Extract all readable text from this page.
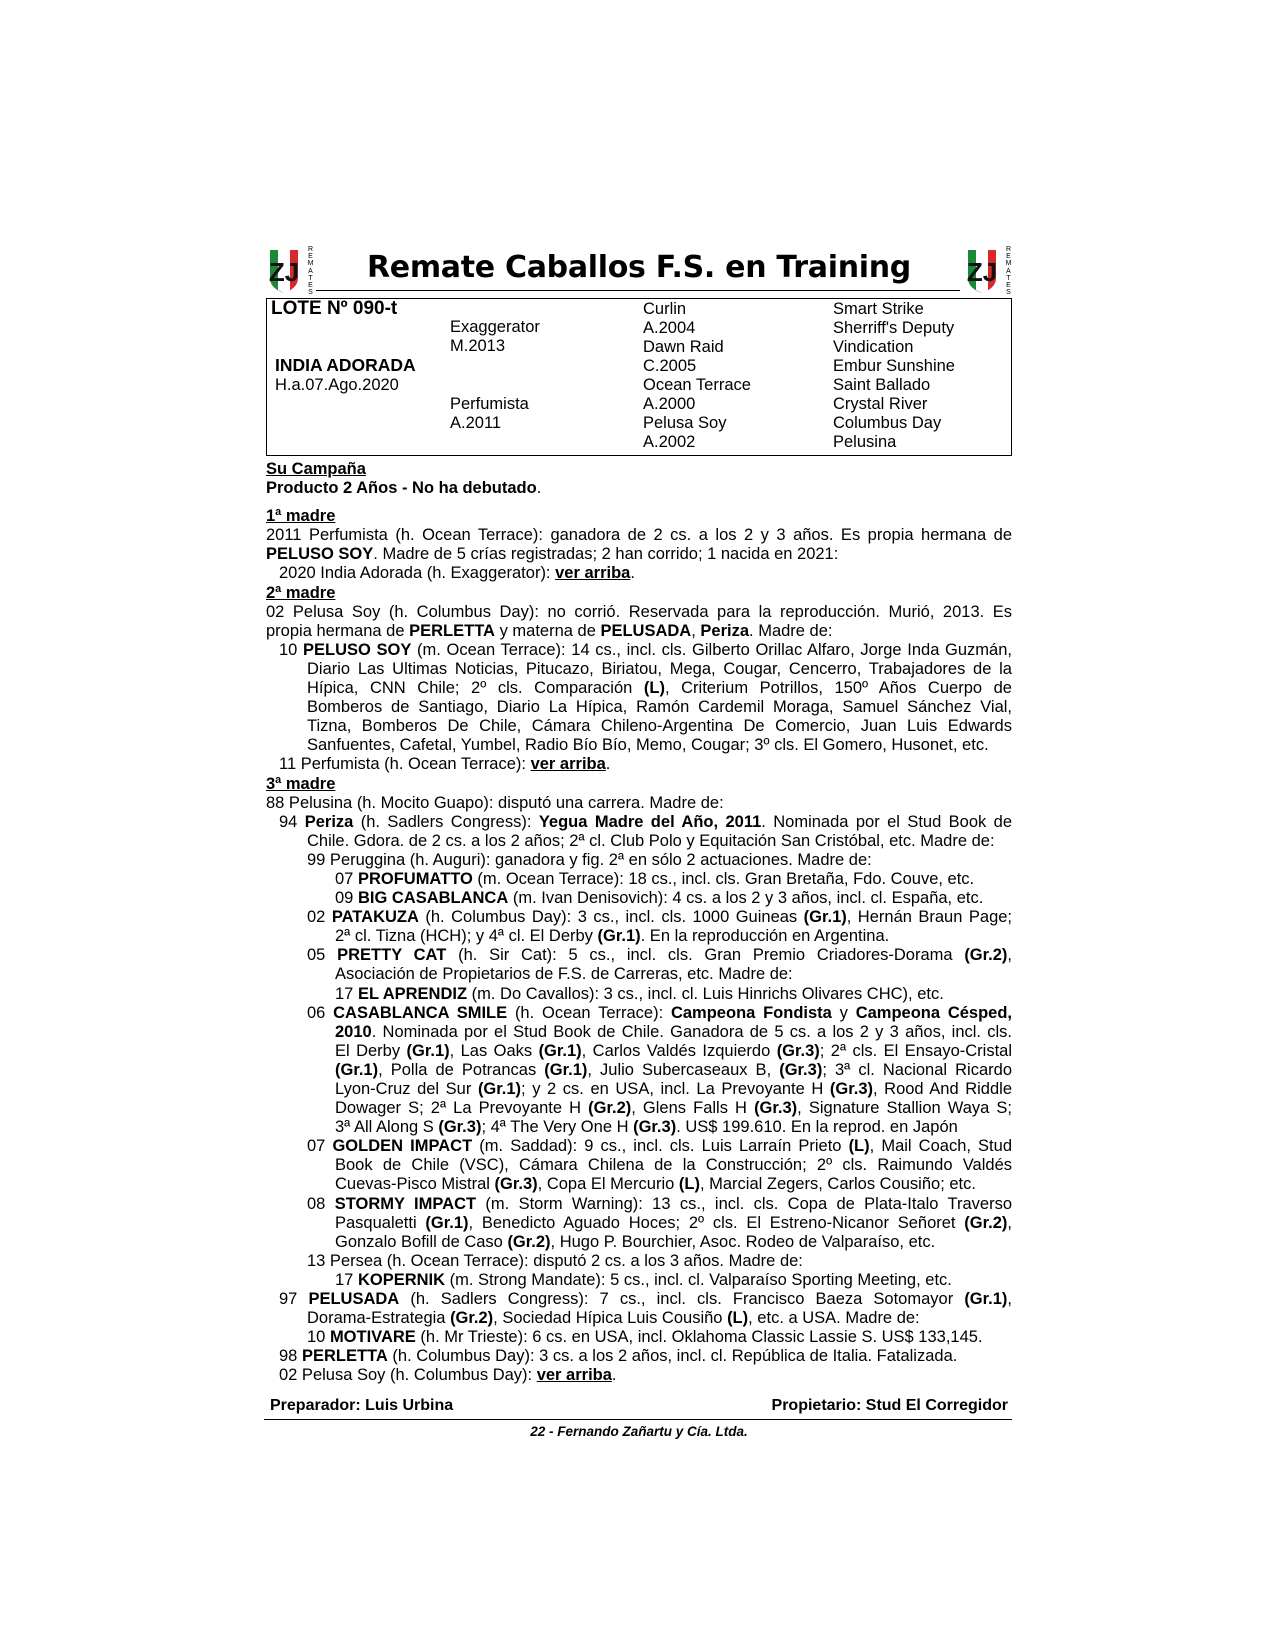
ZJ
R
E
M
A
T
E
S
ZJ
R
E
M
A
T
E
S
Remate Caballos F.S. en Training
LOTE Nº 090-t
INDIA ADORADA
H.a.07.Ago.2020
Exaggerator
M.2013
Perfumista
A.2011
Curlin
A.2004
Dawn Raid
C.2005
Ocean Terrace
A.2000
Pelusa Soy
A.2002
Smart Strike
Sherriff's Deputy
Vindication
Embur Sunshine
Saint Ballado
Crystal River
Columbus Day
Pelusina
Su Campaña
Producto 2 Años - No ha debutado.
1ª madre
2011 Perfumista (h. Ocean Terrace): ganadora de 2 cs. a los 2 y 3 años. Es propia hermana de
PELUSO SOY. Madre de 5 crías registradas; 2 han corrido; 1 nacida en 2021:
2020 India Adorada (h. Exaggerator): ver arriba.
2ª madre
02 Pelusa Soy (h. Columbus Day): no corrió. Reservada para la reproducción. Murió, 2013. Es
propia hermana de PERLETTA y materna de PELUSADA, Periza. Madre de:
10 PELUSO SOY (m. Ocean Terrace): 14 cs., incl. cls. Gilberto Orillac Alfaro, Jorge Inda Guzmán,
Diario Las Ultimas Noticias, Pitucazo, Biriatou, Mega, Cougar, Cencerro, Trabajadores de la
Hípica, CNN Chile; 2º cls. Comparación (L), Criterium Potrillos, 150º Años Cuerpo de
Bomberos de Santiago, Diario La Hípica, Ramón Cardemil Moraga, Samuel Sánchez Vial,
Tizna, Bomberos De Chile, Cámara Chileno-Argentina De Comercio, Juan Luis Edwards
Sanfuentes, Cafetal, Yumbel, Radio Bío Bío, Memo, Cougar; 3º cls. El Gomero, Husonet, etc.
11 Perfumista (h. Ocean Terrace): ver arriba.
3ª madre
88 Pelusina (h. Mocito Guapo): disputó una carrera. Madre de:
94 Periza (h. Sadlers Congress): Yegua Madre del Año, 2011. Nominada por el Stud Book de
Chile. Gdora. de 2 cs. a los 2 años; 2ª cl. Club Polo y Equitación San Cristóbal, etc. Madre de:
99 Peruggina (h. Auguri): ganadora y fig. 2ª en sólo 2 actuaciones. Madre de:
07 PROFUMATTO (m. Ocean Terrace): 18 cs., incl. cls. Gran Bretaña, Fdo. Couve, etc.
09 BIG CASABLANCA (m. Ivan Denisovich): 4 cs. a los 2 y 3 años, incl. cl. España, etc.
02 PATAKUZA (h. Columbus Day): 3 cs., incl. cls. 1000 Guineas (Gr.1), Hernán Braun Page;
2ª cl. Tizna (HCH); y 4ª cl. El Derby (Gr.1). En la reproducción en Argentina.
05 PRETTY CAT (h. Sir Cat): 5 cs., incl. cls. Gran Premio Criadores-Dorama (Gr.2),
Asociación de Propietarios de F.S. de Carreras, etc. Madre de:
17 EL APRENDIZ (m. Do Cavallos): 3 cs., incl. cl. Luis Hinrichs Olivares CHC), etc.
06 CASABLANCA SMILE (h. Ocean Terrace): Campeona Fondista y Campeona Césped,
2010. Nominada por el Stud Book de Chile. Ganadora de 5 cs. a los 2 y 3 años, incl. cls.
El Derby (Gr.1), Las Oaks (Gr.1), Carlos Valdés Izquierdo (Gr.3); 2ª cls. El Ensayo-Cristal
(Gr.1), Polla de Potrancas (Gr.1), Julio Subercaseaux B, (Gr.3); 3ª cl. Nacional Ricardo
Lyon-Cruz del Sur (Gr.1); y 2 cs. en USA, incl. La Prevoyante H (Gr.3), Rood And Riddle
Dowager S; 2ª La Prevoyante H (Gr.2), Glens Falls H (Gr.3), Signature Stallion Waya S;
3ª All Along S (Gr.3); 4ª The Very One H (Gr.3). US$ 199.610. En la reprod. en Japón
07 GOLDEN IMPACT (m. Saddad): 9 cs., incl. cls. Luis Larraín Prieto (L), Mail Coach, Stud
Book de Chile (VSC), Cámara Chilena de la Construcción; 2º cls. Raimundo Valdés
Cuevas-Pisco Mistral (Gr.3), Copa El Mercurio (L), Marcial Zegers, Carlos Cousiño; etc.
08 STORMY IMPACT (m. Storm Warning): 13 cs., incl. cls. Copa de Plata-Italo Traverso
Pasqualetti (Gr.1), Benedicto Aguado Hoces; 2º cls. El Estreno-Nicanor Señoret (Gr.2),
Gonzalo Bofill de Caso (Gr.2), Hugo P. Bourchier, Asoc. Rodeo de Valparaíso, etc.
13 Persea (h. Ocean Terrace): disputó 2 cs. a los 3 años. Madre de:
17 KOPERNIK (m. Strong Mandate): 5 cs., incl. cl. Valparaíso Sporting Meeting, etc.
97 PELUSADA (h. Sadlers Congress): 7 cs., incl. cls. Francisco Baeza Sotomayor (Gr.1),
Dorama-Estrategia (Gr.2), Sociedad Hípica Luis Cousiño (L), etc. a USA. Madre de:
10 MOTIVARE (h. Mr Trieste): 6 cs. en USA, incl. Oklahoma Classic Lassie S. US$ 133,145.
98 PERLETTA (h. Columbus Day): 3 cs. a los 2 años, incl. cl. República de Italia. Fatalizada.
02 Pelusa Soy (h. Columbus Day): ver arriba.
Preparador: Luis Urbina	Propietario: Stud El Corregidor
22 - Fernando Zañartu y Cía. Ltda.
